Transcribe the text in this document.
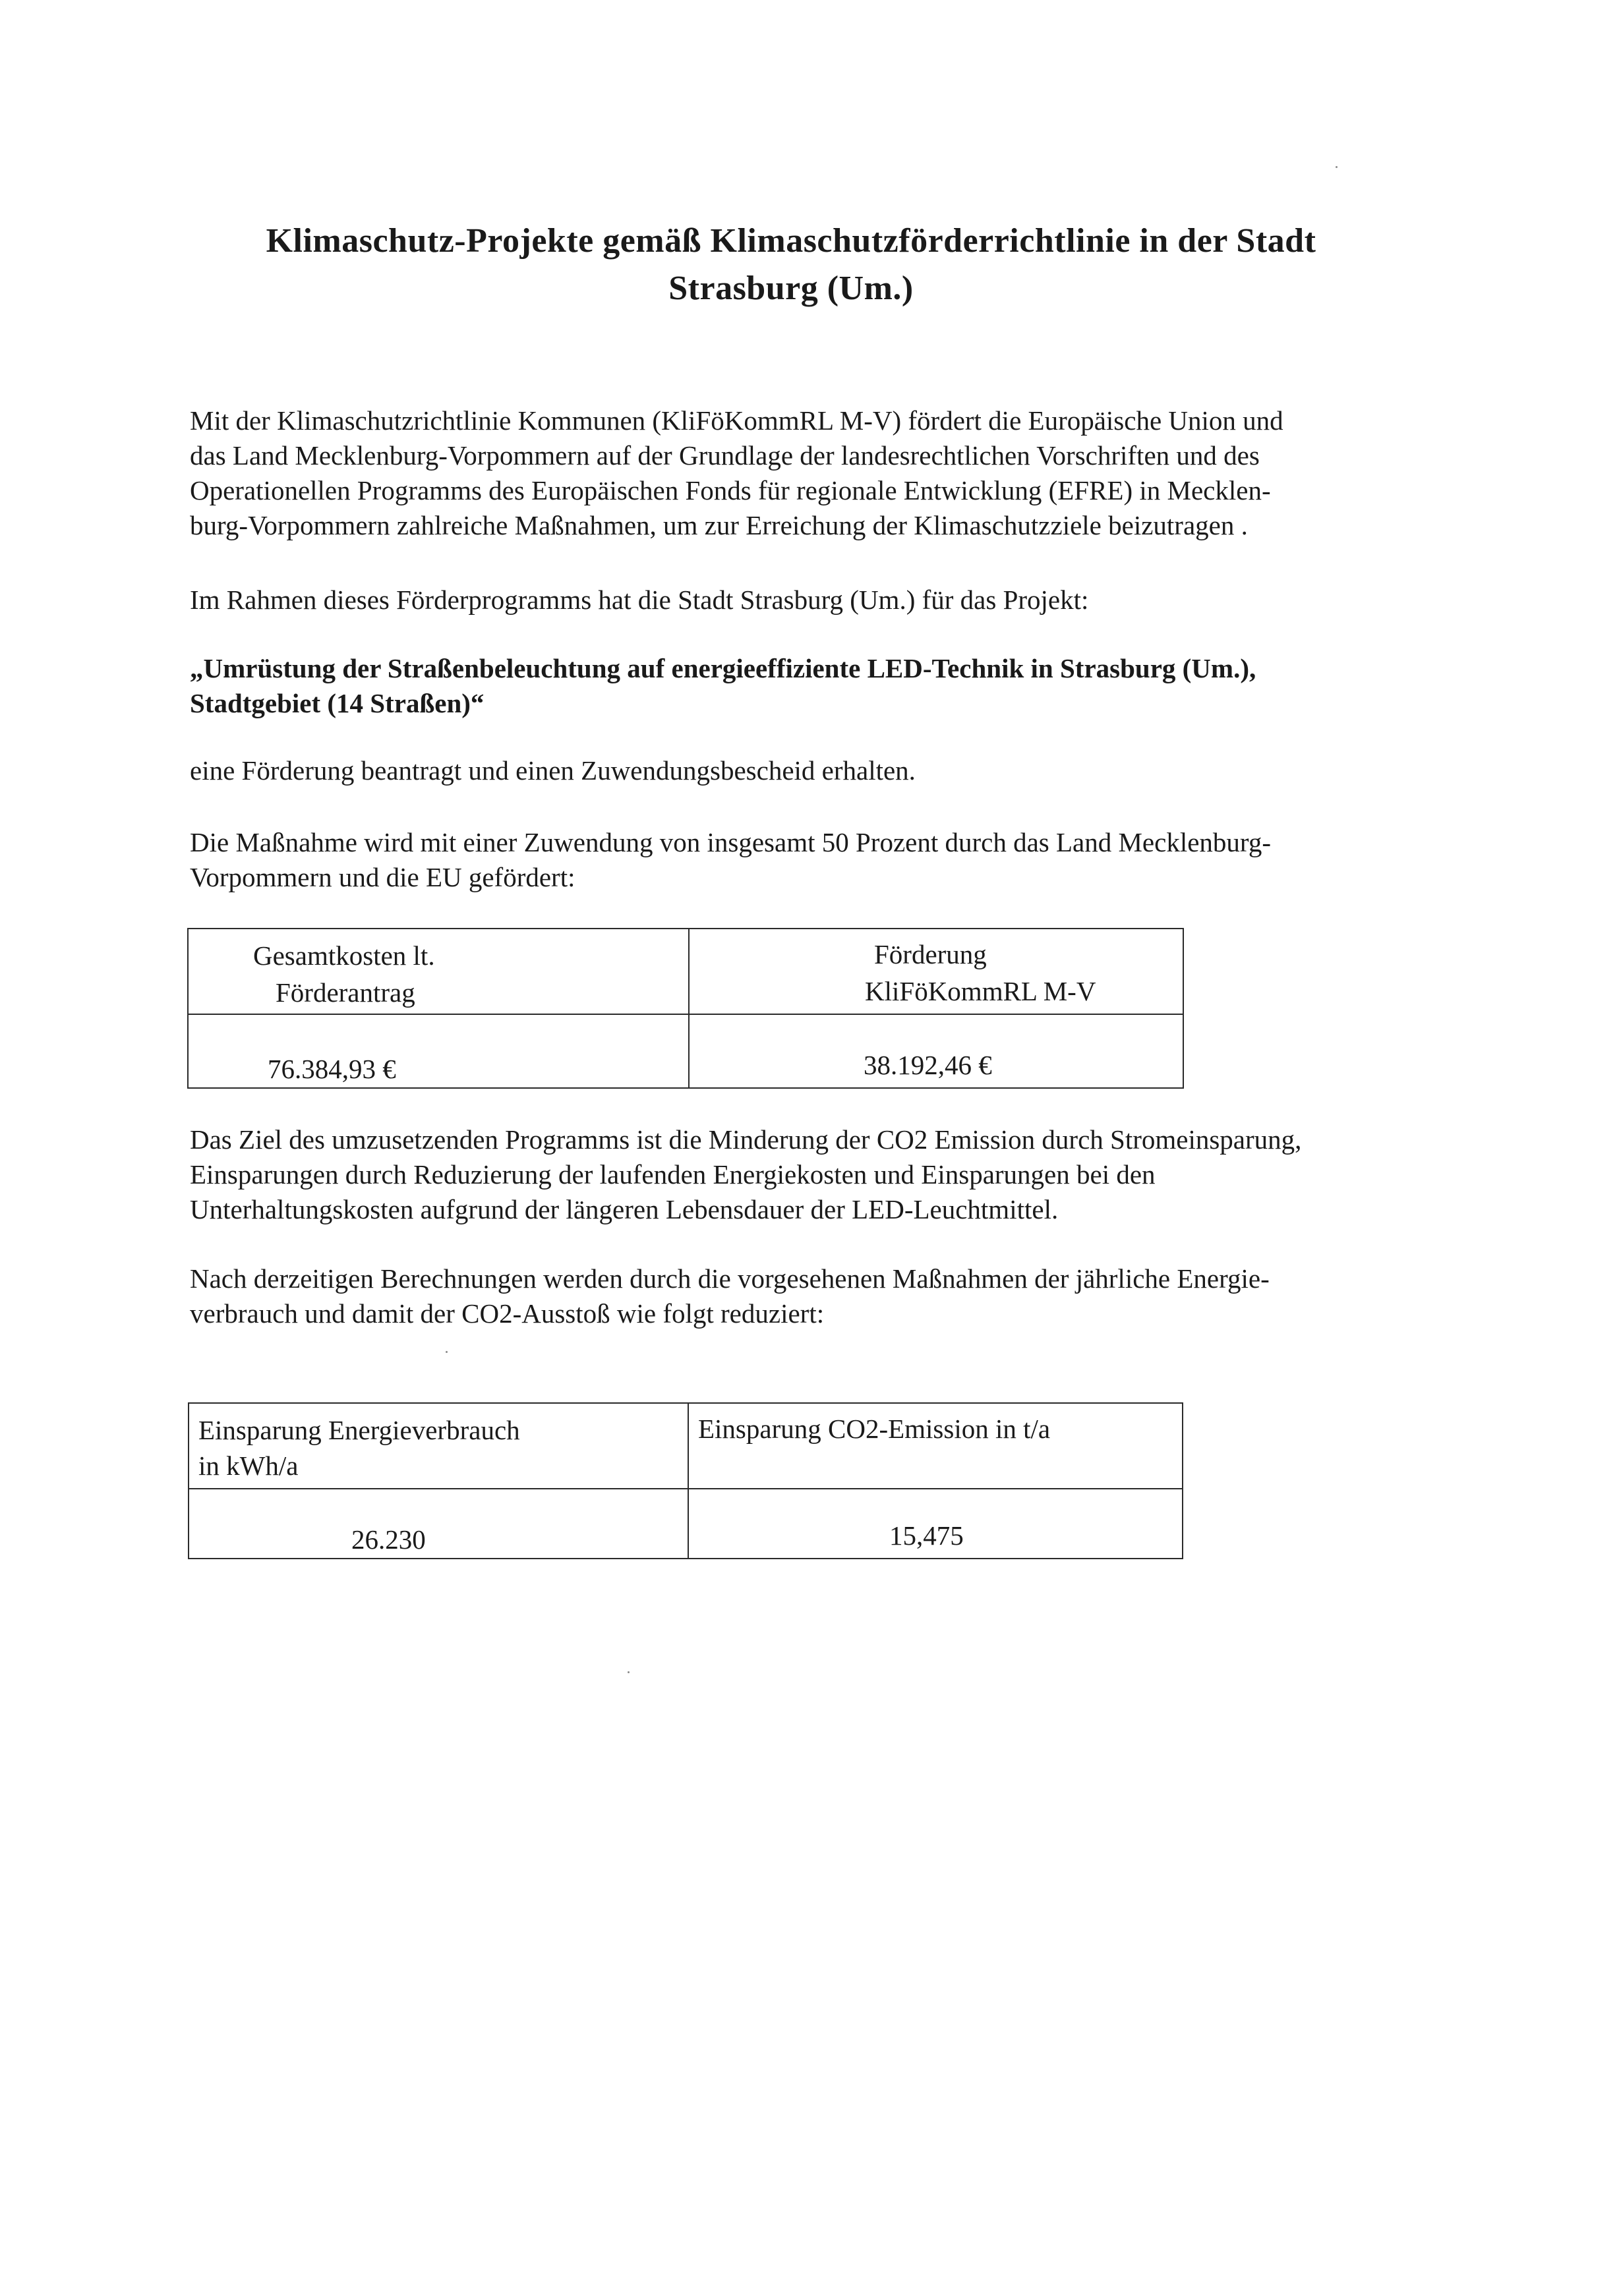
Klimaschutz-Projekte gemäß Klimaschutzförderrichtlinie in der Stadt
Strasburg (Um.)

Mit der Klimaschutzrichtlinie Kommunen (KliFöKommRL M-V) fördert die Europäische Union und
das Land Mecklenburg-Vorpommern auf der Grundlage der landesrechtlichen Vorschriften und des
Operationellen Programms des Europäischen Fonds für regionale Entwicklung (EFRE) in Mecklen-
burg-Vorpommern zahlreiche Maßnahmen, um zur Erreichung der Klimaschutzziele beizutragen .

Im Rahmen dieses Förderprogramms hat die Stadt Strasburg (Um.) für das Projekt:

„Umrüstung der Straßenbeleuchtung auf energieeffiziente LED-Technik in Strasburg (Um.),
Stadtgebiet (14 Straßen)“

eine Förderung beantragt und einen Zuwendungsbescheid erhalten.

Die Maßnahme wird mit einer Zuwendung von insgesamt 50 Prozent durch das Land Mecklenburg-
Vorpommern und die EU gefördert:

Gesamtkosten lt.
Förderantrag	Förderung
KliFöKommRL M-V

76.384,93 €	38.192,46 €

Das Ziel des umzusetzenden Programms ist die Minderung der CO2 Emission durch Stromeinsparung,
Einsparungen durch Reduzierung der laufenden Energiekosten und Einsparungen bei den
Unterhaltungskosten aufgrund der längeren Lebensdauer der LED-Leuchtmittel.

Nach derzeitigen Berechnungen werden durch die vorgesehenen Maßnahmen der jährliche Energie-
verbrauch und damit der CO2-Ausstoß wie folgt reduziert:

Einsparung Energieverbrauch
in kWh/a	Einsparung CO2-Emission in t/a

26.230	15,475
